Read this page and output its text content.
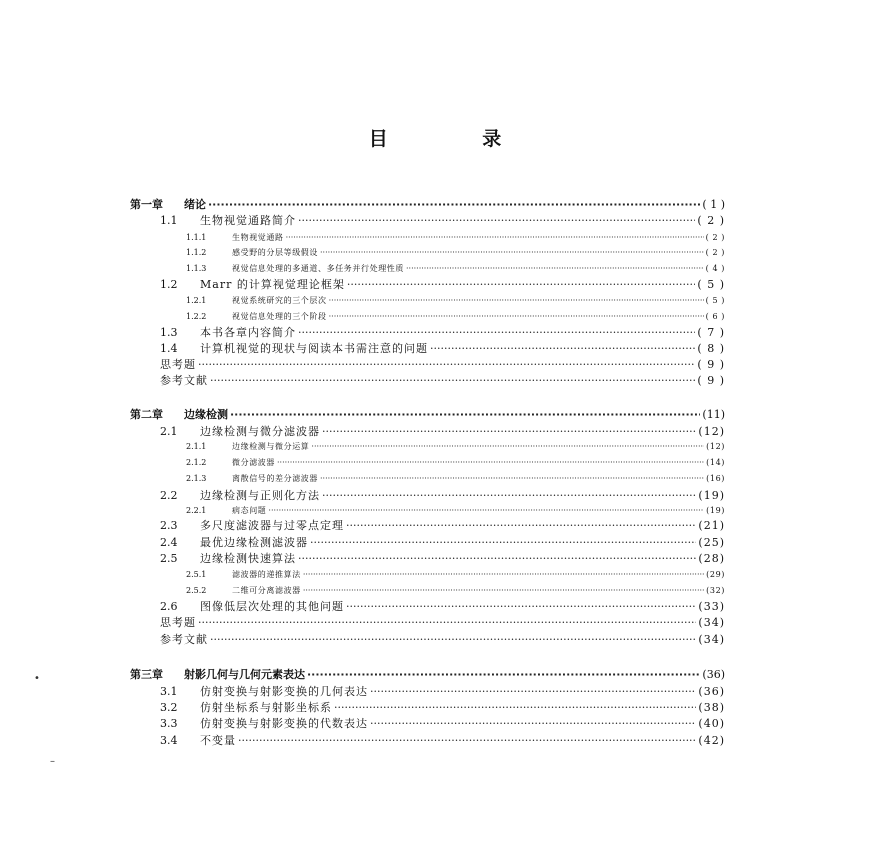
目 录
第一章	绪论 ·····	( 1 )
1.1	生物视觉通路简介 ·····	( 2 )
1.1.1	生物视觉通路 ·····	( 2 )
1.1.2	感受野的分层等级假设 ·····	( 2 )
1.1.3	视觉信息处理的多通道、多任务并行处理性质 ·····	( 4 )
1.2	Marr 的计算视觉理论框架 ·····	( 5 )
1.2.1	视觉系统研究的三个层次 ·····	( 5 )
1.2.2	视觉信息处理的三个阶段 ·····	( 6 )
1.3	本书各章内容简介 ·····	( 7 )
1.4	计算机视觉的现状与阅读本书需注意的问题 ·····	( 8 )
思考题 ·····	( 9 )
参考文献 ·····	( 9 )
第二章	边缘检测 ·····	(11)
2.1	边缘检测与微分滤波器 ·····	(12)
2.1.1	边缘检测与微分运算 ·····	(12)
2.1.2	微分滤波器 ·····	(14)
2.1.3	离散信号的差分滤波器 ·····	(16)
2.2	边缘检测与正则化方法 ·····	(19)
2.2.1	病态问题 ·····	(19)
2.3	多尺度滤波器与过零点定理 ·····	(21)
2.4	最优边缘检测滤波器 ·····	(25)
2.5	边缘检测快速算法 ·····	(28)
2.5.1	滤波器的递推算法 ·····	(29)
2.5.2	二维可分离滤波器 ·····	(32)
2.6	图像低层次处理的其他问题 ·····	(33)
思考题 ·····	(34)
参考文献 ·····	(34)
第三章	射影几何与几何元素表达 ·····	(36)
3.1	仿射变换与射影变换的几何表达 ·····	(36)
3.2	仿射坐标系与射影坐标系 ·····	(38)
3.3	仿射变换与射影变换的代数表达 ·····	(40)
3.4	不变量 ·····	(42)
•
–
